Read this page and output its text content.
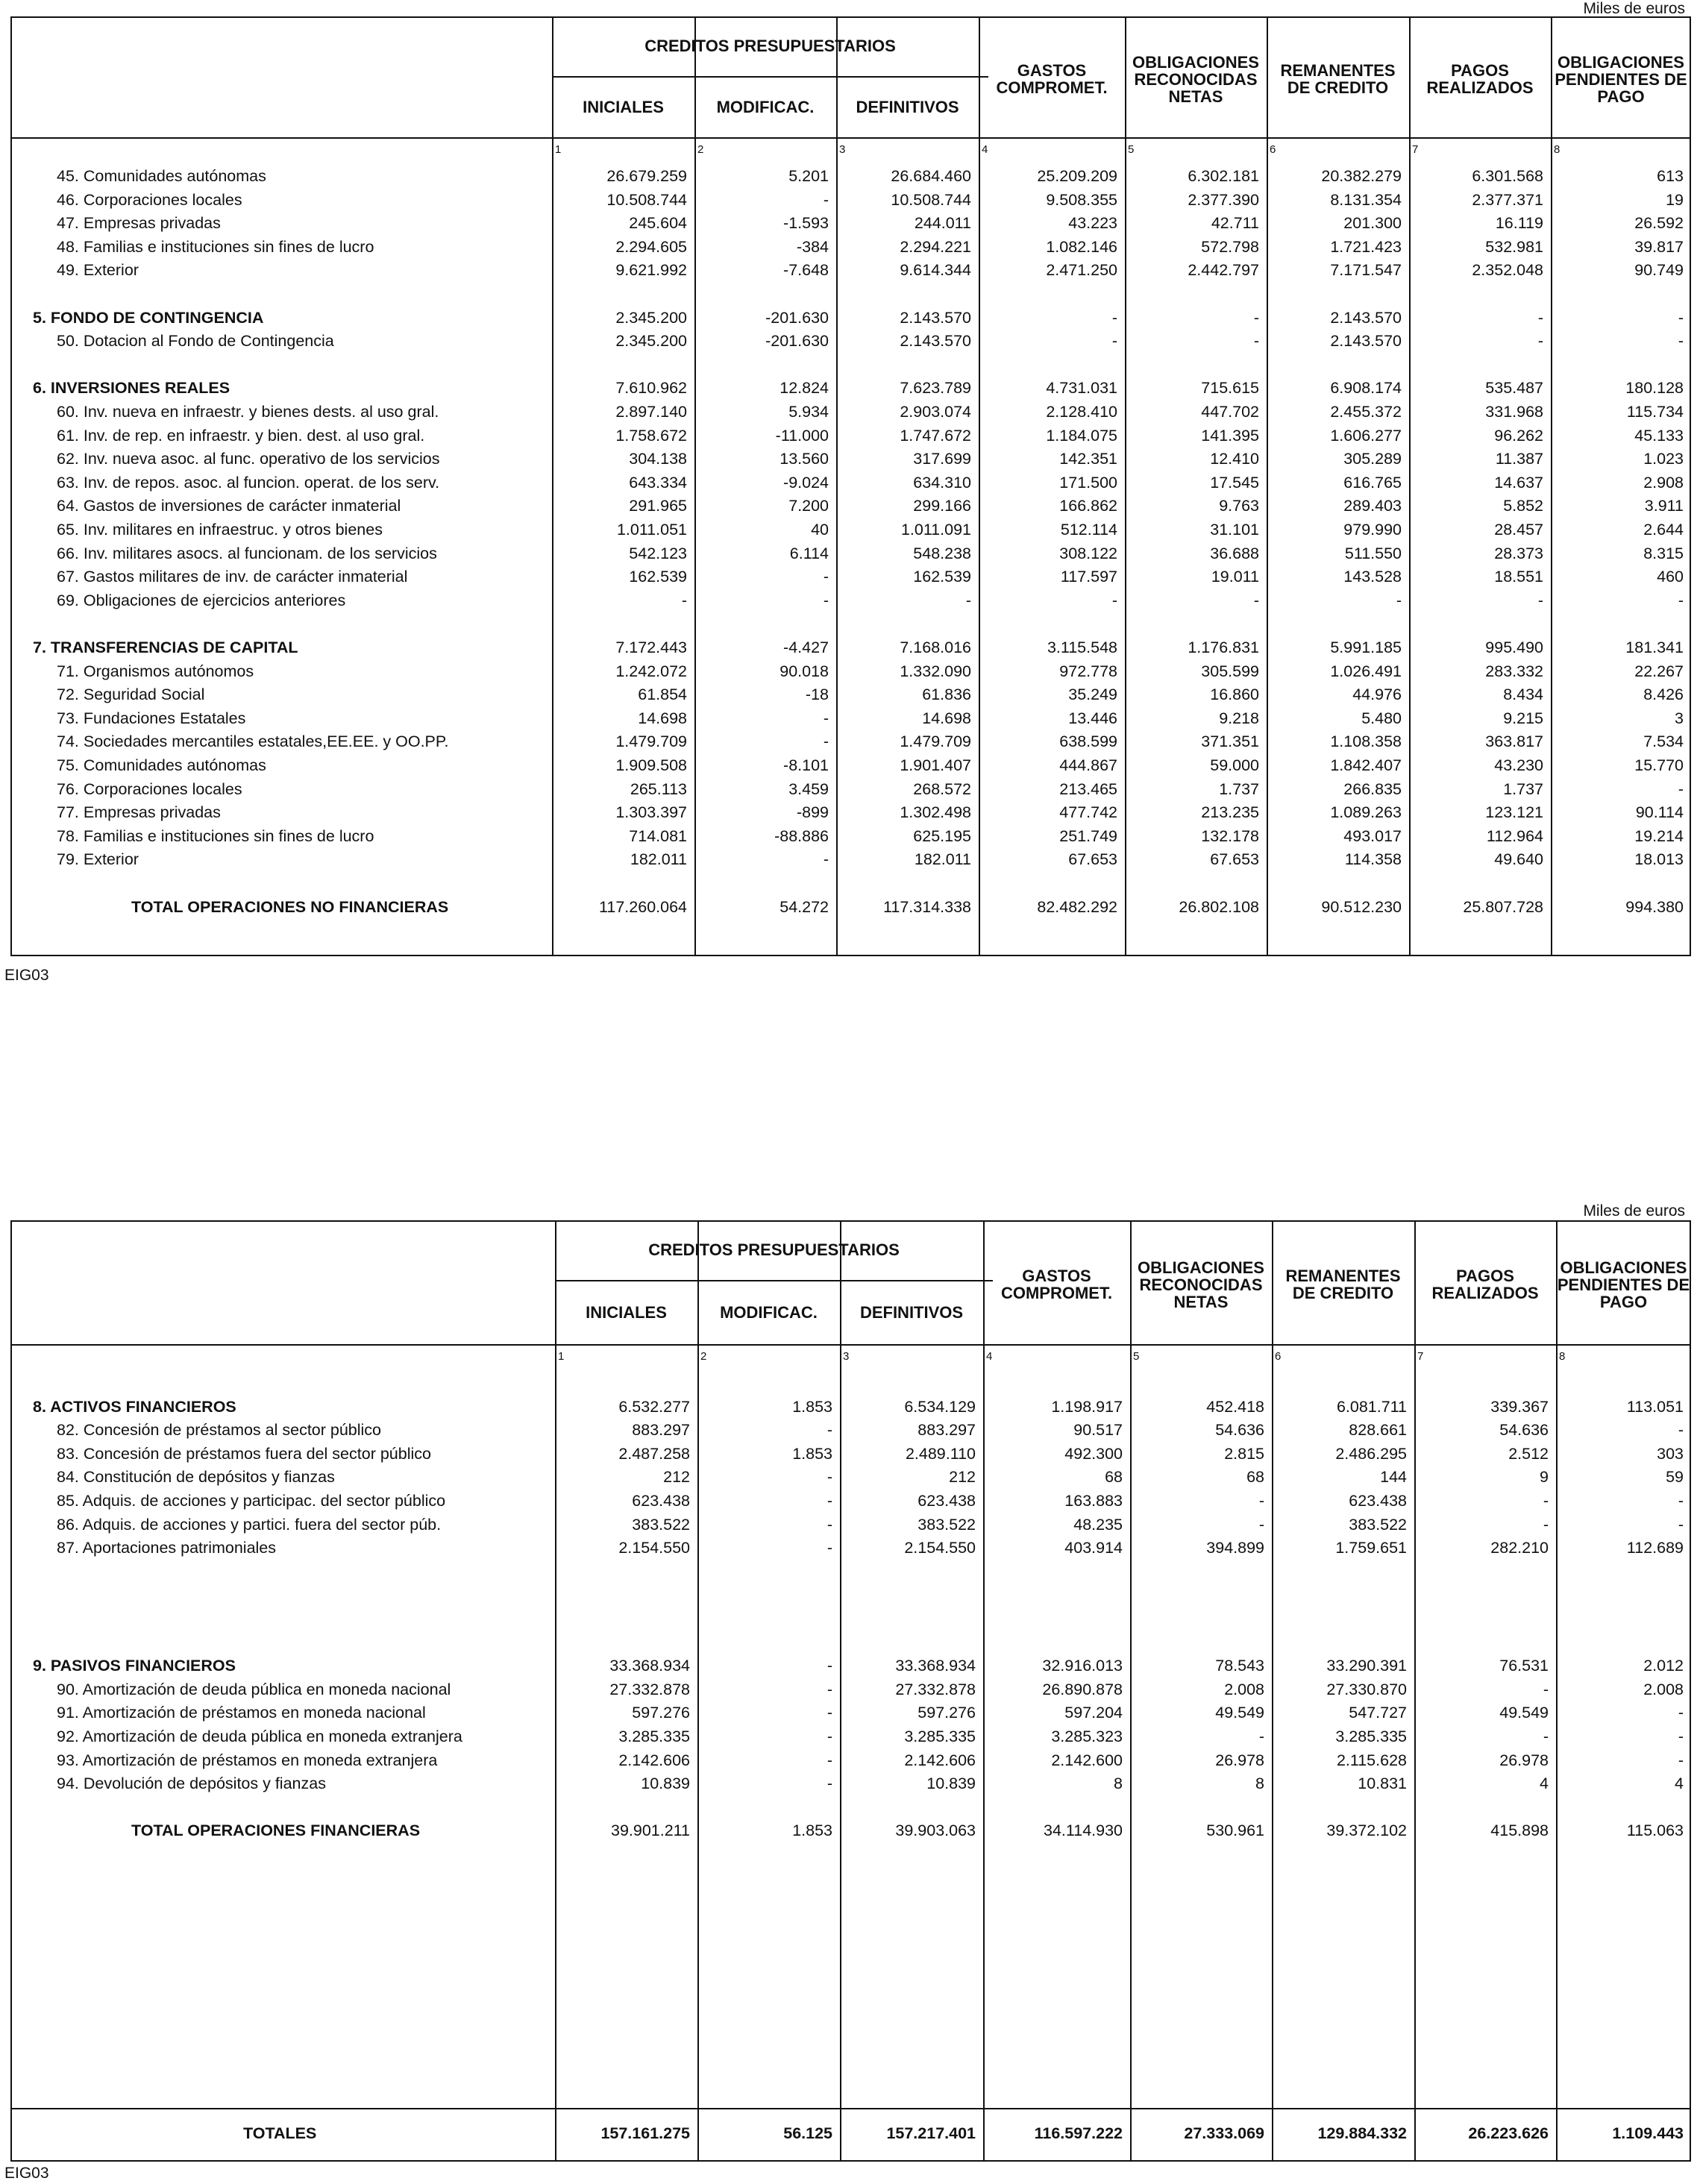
Miles de euros
CREDITOS PRESUPUESTARIOS
INICIALES	MODIFICAC.	DEFINITIVOS
GASTOS
COMPROMET.
OBLIGACIONES
RECONOCIDAS
NETAS
REMANENTES
DE CREDITO
PAGOS
REALIZADOS
OBLIGACIONES
PENDIENTES DE
PAGO
1	2	3	4	5	6	7	8
45. Comunidades autónomas	26.679.259	5.201	26.684.460	25.209.209	6.302.181	20.382.279	6.301.568	613
46. Corporaciones locales	10.508.744	-	10.508.744	9.508.355	2.377.390	8.131.354	2.377.371	19
47. Empresas privadas	245.604	-1.593	244.011	43.223	42.711	201.300	16.119	26.592
48. Familias e instituciones sin fines de lucro	2.294.605	-384	2.294.221	1.082.146	572.798	1.721.423	532.981	39.817
49. Exterior	9.621.992	-7.648	9.614.344	2.471.250	2.442.797	7.171.547	2.352.048	90.749
5. FONDO DE CONTINGENCIA	2.345.200	-201.630	2.143.570	-	-	2.143.570	-	-
50. Dotacion al Fondo de Contingencia	2.345.200	-201.630	2.143.570	-	-	2.143.570	-	-
6. INVERSIONES REALES	7.610.962	12.824	7.623.789	4.731.031	715.615	6.908.174	535.487	180.128
60. Inv. nueva en infraestr. y bienes dests. al uso gral.	2.897.140	5.934	2.903.074	2.128.410	447.702	2.455.372	331.968	115.734
61. Inv. de rep. en infraestr. y bien. dest. al uso gral.	1.758.672	-11.000	1.747.672	1.184.075	141.395	1.606.277	96.262	45.133
62. Inv. nueva asoc. al func. operativo de los servicios	304.138	13.560	317.699	142.351	12.410	305.289	11.387	1.023
63. Inv. de repos. asoc. al funcion. operat. de los serv.	643.334	-9.024	634.310	171.500	17.545	616.765	14.637	2.908
64. Gastos de inversiones de carácter inmaterial	291.965	7.200	299.166	166.862	9.763	289.403	5.852	3.911
65. Inv. militares en infraestruc. y otros bienes	1.011.051	40	1.011.091	512.114	31.101	979.990	28.457	2.644
66. Inv. militares asocs. al funcionam. de los servicios	542.123	6.114	548.238	308.122	36.688	511.550	28.373	8.315
67. Gastos militares de inv. de carácter inmaterial	162.539	-	162.539	117.597	19.011	143.528	18.551	460
69. Obligaciones de ejercicios anteriores	-	-	-	-	-	-	-	-
7. TRANSFERENCIAS DE CAPITAL	7.172.443	-4.427	7.168.016	3.115.548	1.176.831	5.991.185	995.490	181.341
71. Organismos autónomos	1.242.072	90.018	1.332.090	972.778	305.599	1.026.491	283.332	22.267
72. Seguridad Social	61.854	-18	61.836	35.249	16.860	44.976	8.434	8.426
73. Fundaciones Estatales	14.698	-	14.698	13.446	9.218	5.480	9.215	3
74. Sociedades mercantiles estatales,EE.EE. y OO.PP.	1.479.709	-	1.479.709	638.599	371.351	1.108.358	363.817	7.534
75. Comunidades autónomas	1.909.508	-8.101	1.901.407	444.867	59.000	1.842.407	43.230	15.770
76. Corporaciones locales	265.113	3.459	268.572	213.465	1.737	266.835	1.737	-
77. Empresas privadas	1.303.397	-899	1.302.498	477.742	213.235	1.089.263	123.121	90.114
78. Familias e instituciones sin fines de lucro	714.081	-88.886	625.195	251.749	132.178	493.017	112.964	19.214
79. Exterior	182.011	-	182.011	67.653	67.653	114.358	49.640	18.013
TOTAL OPERACIONES NO FINANCIERAS	117.260.064	54.272	117.314.338	82.482.292	26.802.108	90.512.230	25.807.728	994.380
EIG03
Miles de euros
CREDITOS PRESUPUESTARIOS
INICIALES	MODIFICAC.	DEFINITIVOS
GASTOS
COMPROMET.
OBLIGACIONES
RECONOCIDAS
NETAS
REMANENTES
DE CREDITO
PAGOS
REALIZADOS
OBLIGACIONES
PENDIENTES DE
PAGO
1	2	3	4	5	6	7	8
8. ACTIVOS FINANCIEROS	6.532.277	1.853	6.534.129	1.198.917	452.418	6.081.711	339.367	113.051
82. Concesión de préstamos al sector público	883.297	-	883.297	90.517	54.636	828.661	54.636	-
83. Concesión de préstamos fuera del sector público	2.487.258	1.853	2.489.110	492.300	2.815	2.486.295	2.512	303
84. Constitución de depósitos y fianzas	212	-	212	68	68	144	9	59
85. Adquis. de acciones y participac. del sector público	623.438	-	623.438	163.883	-	623.438	-	-
86. Adquis. de acciones y partici. fuera del sector púb.	383.522	-	383.522	48.235	-	383.522	-	-
87. Aportaciones patrimoniales	2.154.550	-	2.154.550	403.914	394.899	1.759.651	282.210	112.689
9. PASIVOS FINANCIEROS	33.368.934	-	33.368.934	32.916.013	78.543	33.290.391	76.531	2.012
90. Amortización de deuda pública en moneda nacional	27.332.878	-	27.332.878	26.890.878	2.008	27.330.870	-	2.008
91. Amortización de préstamos en moneda nacional	597.276	-	597.276	597.204	49.549	547.727	49.549	-
92. Amortización de deuda pública en moneda extranjera	3.285.335	-	3.285.335	3.285.323	-	3.285.335	-	-
93. Amortización de préstamos en moneda extranjera	2.142.606	-	2.142.606	2.142.600	26.978	2.115.628	26.978	-
94. Devolución de depósitos y fianzas	10.839	-	10.839	8	8	10.831	4	4
TOTAL OPERACIONES FINANCIERAS	39.901.211	1.853	39.903.063	34.114.930	530.961	39.372.102	415.898	115.063
TOTALES	157.161.275	56.125	157.217.401	116.597.222	27.333.069	129.884.332	26.223.626	1.109.443
EIG03
